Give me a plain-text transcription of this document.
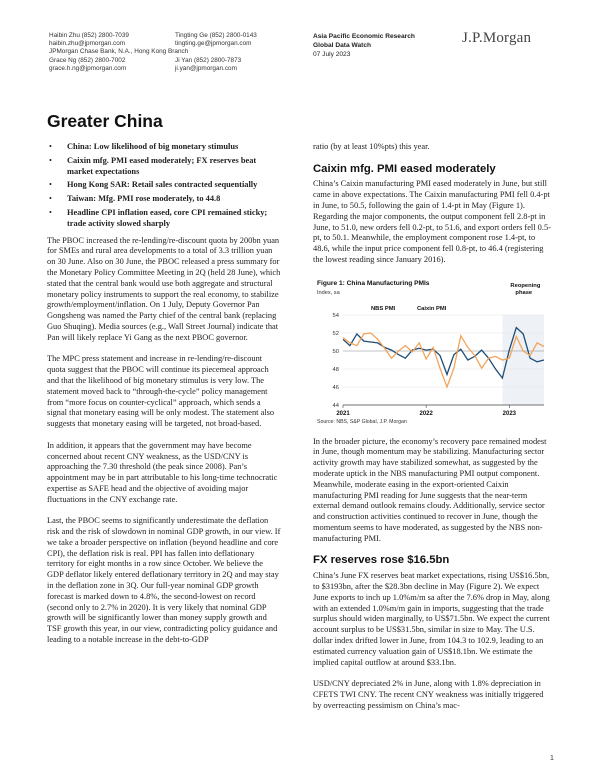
Haibin Zhu (852) 2800-7039
haibin.zhu@jpmorgan.com
JPMorgan Chase Bank, N.A., Hong Kong Branch
Grace Ng (852) 2800-7002
grace.h.ng@jpmorgan.com
Tingting Ge (852) 2800-0143
tingting.ge@jpmorgan.com

Ji Yan (852) 2800-7873
ji.yan@jpmorgan.com
Asia Pacific Economic Research
Global Data Watch
07 July 2023
J.P.Morgan
Greater China
• China: Low likelihood of big monetary stimulus
• Caixin mfg. PMI eased moderately; FX reserves beat market expectations
• Hong Kong SAR: Retail sales contracted sequentially
• Taiwan: Mfg. PMI rose moderately, to 44.8
• Headline CPI inflation eased, core CPI remained sticky; trade activity slowed sharply

The PBOC increased the re-lending/re-discount quota by 200bn yuan for SMEs and rural area developments to a total of 3.3 trillion yuan on 30 June. Also on 30 June, the PBOC released a press summary for the Monetary Policy Committee Meeting in 2Q (held 28 June), which stated that the central bank would use both aggregate and structural monetary policy instruments to support the real economy, to stabilize growth/employment/inflation. On 1 July, Deputy Governor Pan Gongsheng was named the Party chief of the central bank (replacing Guo Shuqing). Media sources (e.g., Wall Street Journal) indicate that Pan will likely replace Yi Gang as the next PBOC governor.

The MPC press statement and increase in re-lending/re-discount quota suggest that the PBOC will continue its piecemeal approach and that the likelihood of big monetary stimulus is very low. The statement moved back to “through-the-cycle” policy management from “more focus on counter-cyclical” approach, which sends a signal that monetary easing will be only modest. The statement also suggests that monetary easing will be targeted, not broad-based.

In addition, it appears that the government may have become concerned about recent CNY weakness, as the USD/CNY is approaching the 7.30 threshold (the peak since 2008). Pan’s appointment may be in part attributable to his long-time technocratic expertise as SAFE head and the objective of avoiding major fluctuations in the CNY exchange rate.

Last, the PBOC seems to significantly underestimate the deflation risk and the risk of slowdown in nominal GDP growth, in our view. If we take a broader perspective on inflation (beyond headline and core CPI), the deflation risk is real. PPI has fallen into deflationary territory for eight months in a row since October. We believe the GDP deflator likely entered deflationary territory in 2Q and may stay in the deflation zone in 3Q. Our full-year nominal GDP growth forecast is marked down to 4.8%, the second-lowest on record (second only to 2.7% in 2020). It is very likely that nominal GDP growth will be significantly lower than money supply growth and TSF growth this year, in our view, contradicting policy guidance and leading to a notable increase in the debt-to-GDP

ratio (by at least 10%pts) this year.

Caixin mfg. PMI eased moderately

China’s Caixin manufacturing PMI eased moderately in June, but still came in above expectations. The Caixin manufacturing PMI fell 0.4-pt in June, to 50.5, following the gain of 1.4-pt in May (Figure 1). Regarding the major components, the output component fell 2.8-pt in June, to 51.0, new orders fell 0.2-pt, to 51.6, and export orders fell 0.5-pt, to 50.1. Meanwhile, the employment component rose 1.4-pt, to 48.6, while the input price component fell 0.8-pt, to 46.4 (registering the lowest reading since January 2016).

Figure 1: China Manufacturing PMIs
Index, sa
Reopening
phase
44
46
48
50
52
54
2021	2022	2023
NBS PMI	Caixin PMI
Source: NBS, S&P Global, J.P. Morgan

In the broader picture, the economy’s recovery pace remained modest in June, though momentum may be stabilizing. Manufacturing sector activity growth may have stabilized somewhat, as suggested by the moderate uptick in the NBS manufacturing PMI output component. Meanwhile, moderate easing in the export-oriented Caixin manufacturing PMI reading for June suggests that the near-term external demand outlook remains cloudy. Additionally, service sector and construction activities continued to recover in June, though the momentum seems to have moderated, as suggested by the NBS non-manufacturing PMI.

FX reserves rose $16.5bn

China’s June FX reserves beat market expectations, rising US$16.5bn, to $3193bn, after the $28.3bn decline in May (Figure 2). We expect June exports to inch up 1.0%m/m sa after the 7.6% drop in May, along with an extended 1.0%m/m gain in imports, suggesting that the trade surplus should widen marginally, to US$71.5bn. We expect the current account surplus to be US$31.5bn, similar in size to May. The U.S. dollar index drifted lower in June, from 104.3 to 102.9, leading to an estimated currency valuation gain of US$18.1bn. We estimate the implied capital outflow at around $33.1bn.

USD/CNY depreciated 2% in June, along with 1.8% depreciation in CFETS TWI CNY. The recent CNY weakness was initially triggered by overreacting pessimism on China’s mac-

1
